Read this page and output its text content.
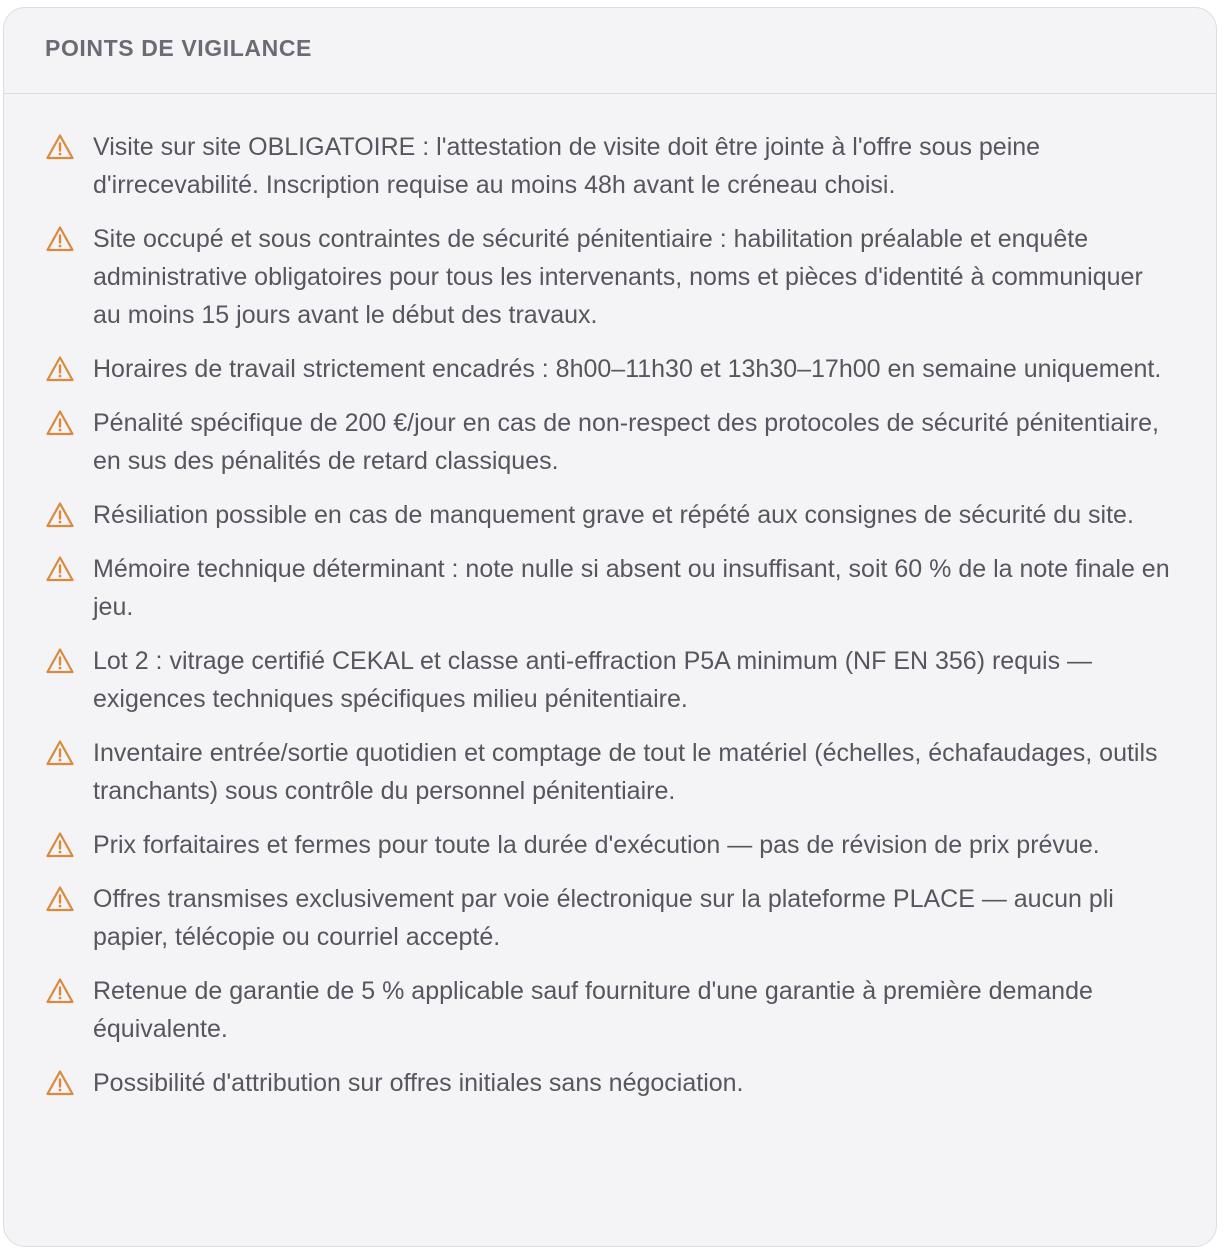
POINTS DE VIGILANCE
Visite sur site OBLIGATOIRE : l'attestation de visite doit être jointe à l'offre sous peine d'irrecevabilité. Inscription requise au moins 48h avant le créneau choisi.
Site occupé et sous contraintes de sécurité pénitentiaire : habilitation préalable et enquête administrative obligatoires pour tous les intervenants, noms et pièces d'identité à communiquer au moins 15 jours avant le début des travaux.
Horaires de travail strictement encadrés : 8h00–11h30 et 13h30–17h00 en semaine uniquement.
Pénalité spécifique de 200 €/jour en cas de non-respect des protocoles de sécurité pénitentiaire, en sus des pénalités de retard classiques.
Résiliation possible en cas de manquement grave et répété aux consignes de sécurité du site.
Mémoire technique déterminant : note nulle si absent ou insuffisant, soit 60 % de la note finale en jeu.
Lot 2 : vitrage certifié CEKAL et classe anti-effraction P5A minimum (NF EN 356) requis — exigences techniques spécifiques milieu pénitentiaire.
Inventaire entrée/sortie quotidien et comptage de tout le matériel (échelles, échafaudages, outils tranchants) sous contrôle du personnel pénitentiaire.
Prix forfaitaires et fermes pour toute la durée d'exécution — pas de révision de prix prévue.
Offres transmises exclusivement par voie électronique sur la plateforme PLACE — aucun pli papier, télécopie ou courriel accepté.
Retenue de garantie de 5 % applicable sauf fourniture d'une garantie à première demande équivalente.
Possibilité d'attribution sur offres initiales sans négociation.
